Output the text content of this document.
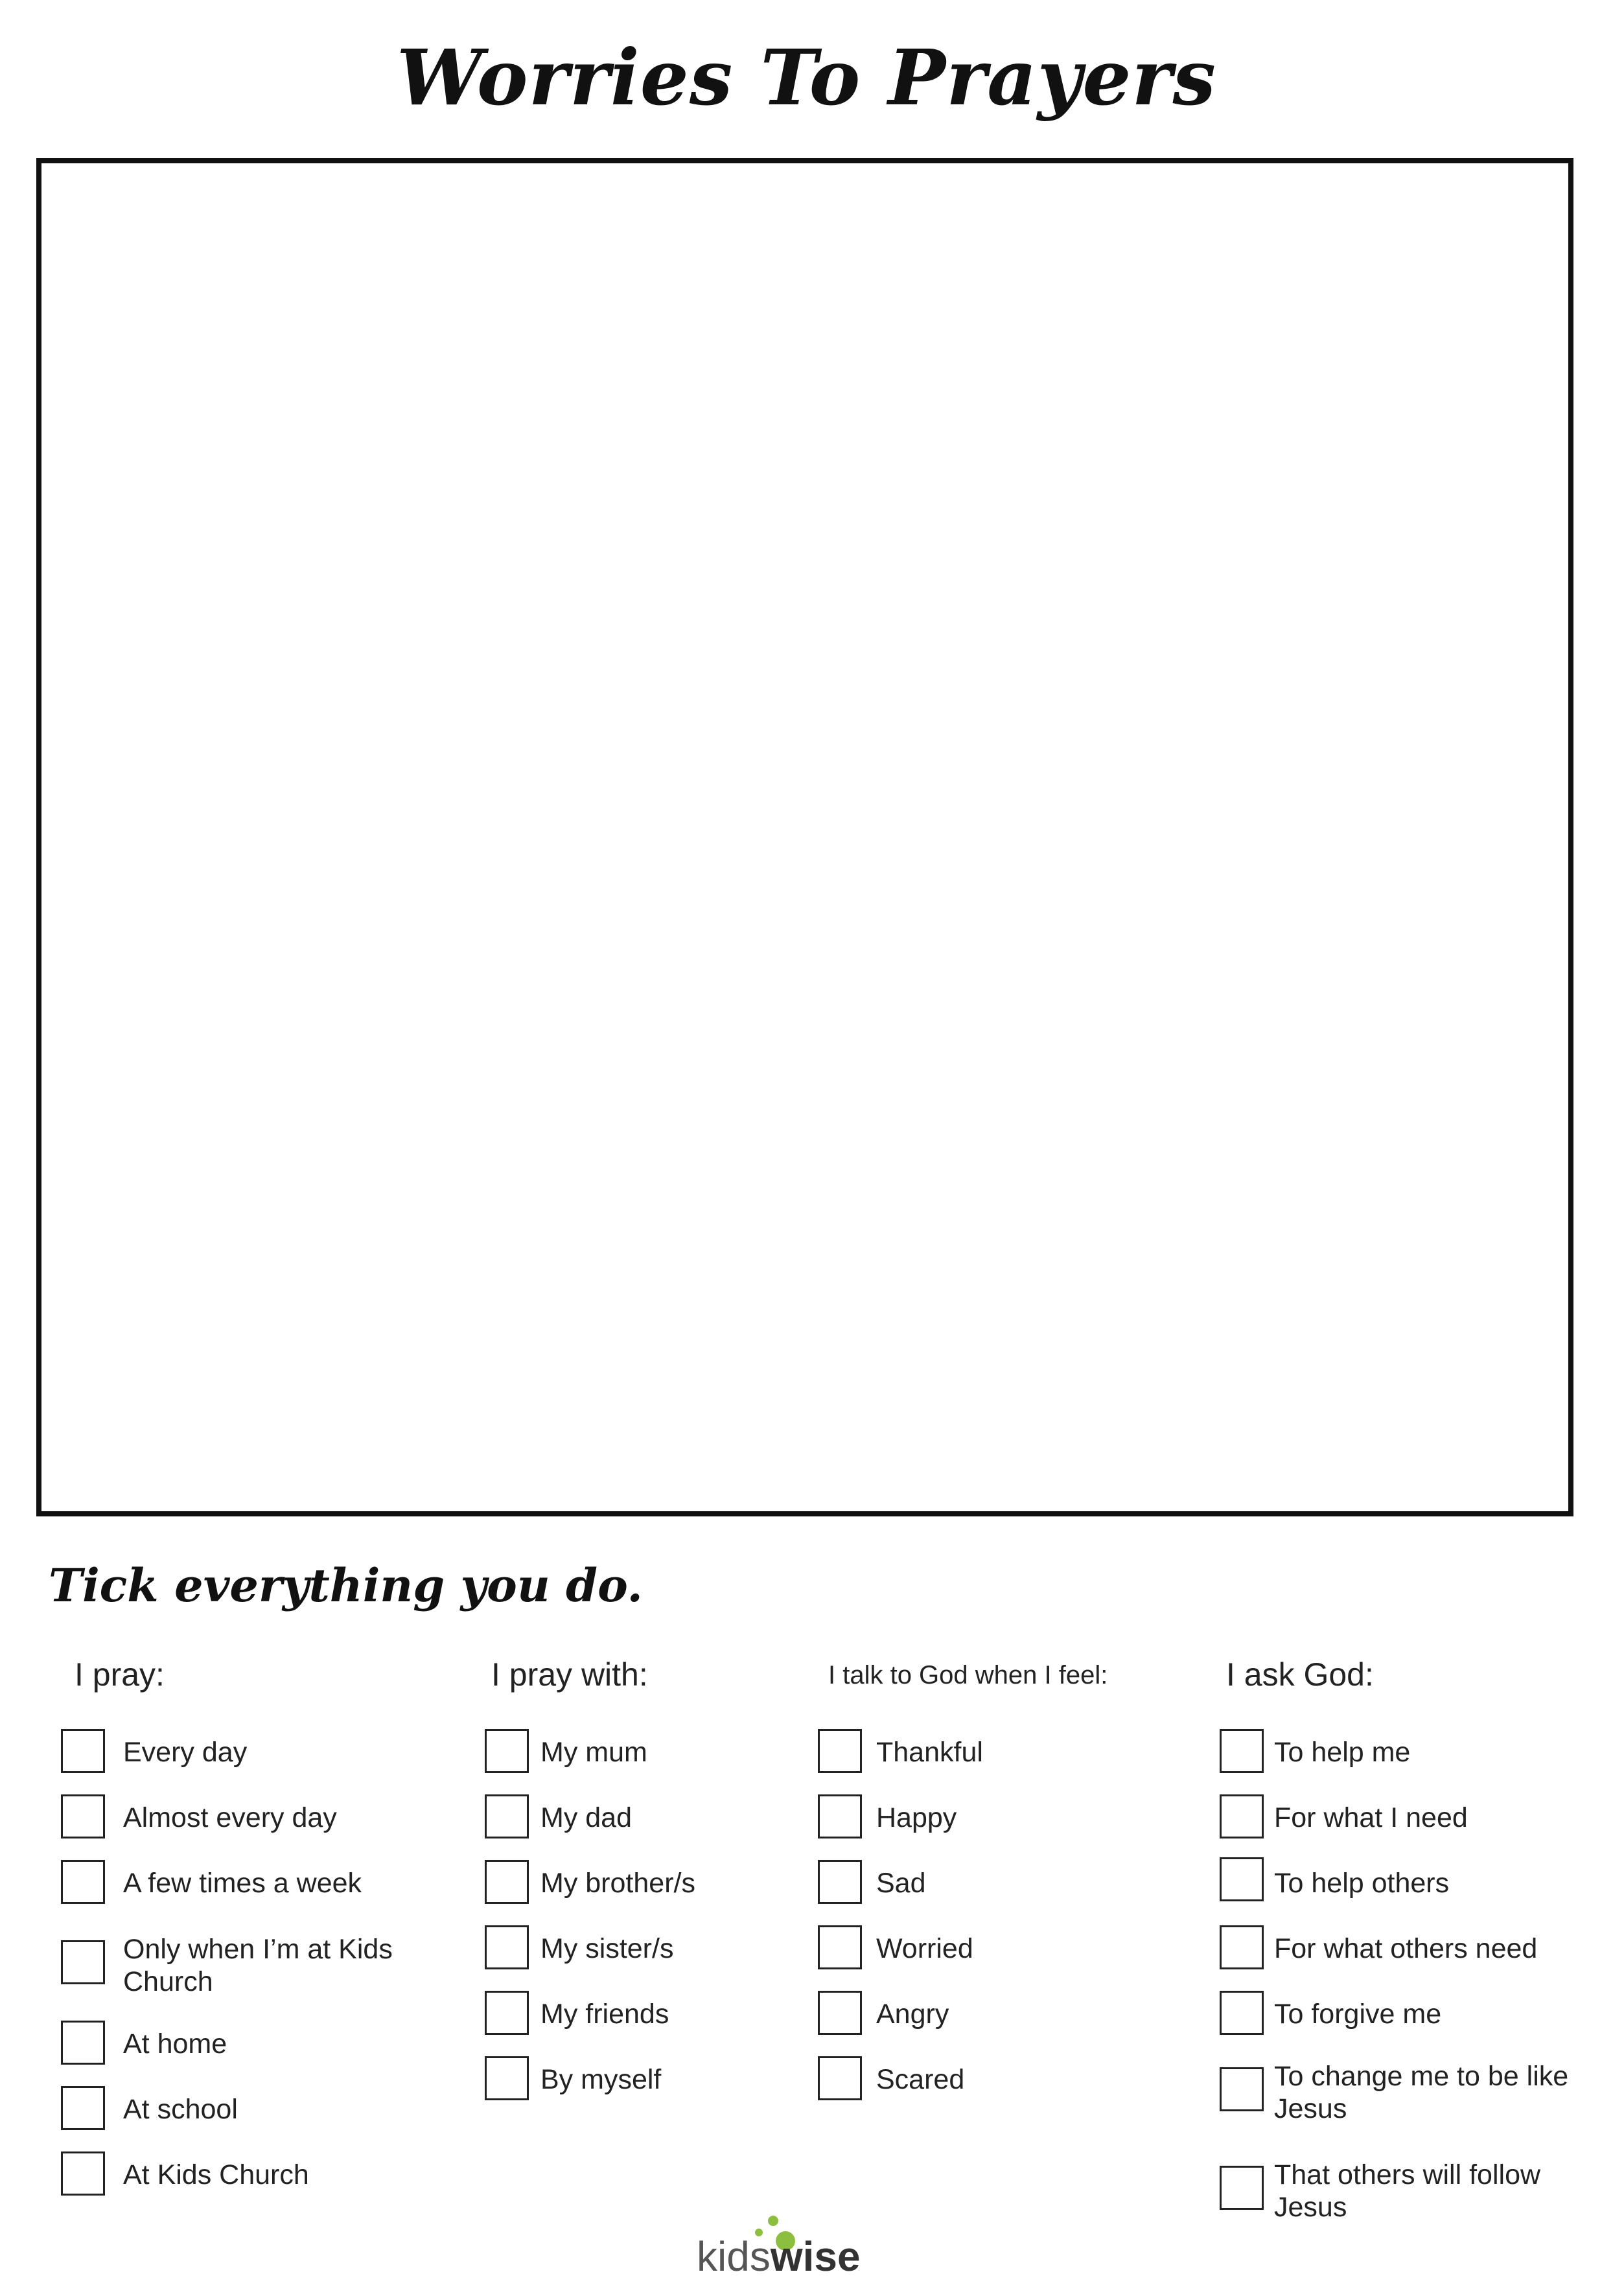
Worries To Prayers
Tick everything you do.
I pray:
Every day
Almost every day
A few times a week
Only when I’m at Kids Church
At home
At school
At Kids Church
I pray with:
My mum
My dad
My brother/s
My sister/s
My friends
By myself
I talk to God when I feel:
Thankful
Happy
Sad
Worried
Angry
Scared
I ask God:
To help me
For what I need
To help others
For what others need
To forgive me
To change me to be like Jesus
That others will follow Jesus
kidswise
